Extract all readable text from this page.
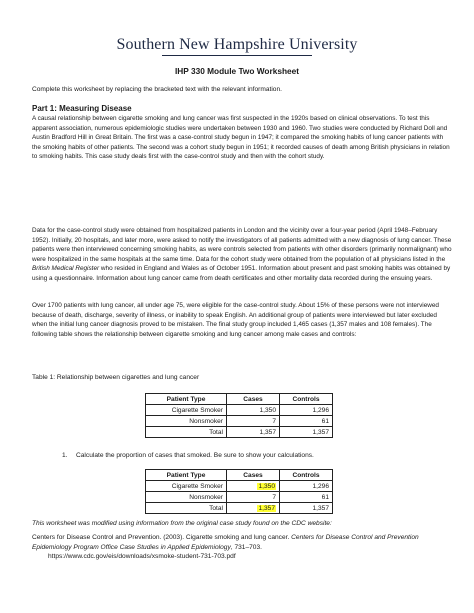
Southern New Hampshire University
IHP 330 Module Two Worksheet
Complete this worksheet by replacing the bracketed text with the relevant information.
Part 1: Measuring Disease
A causal relationship between cigarette smoking and lung cancer was first suspected in the 1920s based on clinical observations. To test this apparent association, numerous epidemiologic studies were undertaken between 1930 and 1960. Two studies were conducted by Richard Doll and Austin Bradford Hill in Great Britain. The first was a case-control study begun in 1947; it compared the smoking habits of lung cancer patients with the smoking habits of other patients. The second was a cohort study begun in 1951; it recorded causes of death among British physicians in relation to smoking habits. This case study deals first with the case-control study and then with the cohort study.
Data for the case-control study were obtained from hospitalized patients in London and the vicinity over a four-year period (April 1948–February 1952). Initially, 20 hospitals, and later more, were asked to notify the investigators of all patients admitted with a new diagnosis of lung cancer. These patients were then interviewed concerning smoking habits, as were controls selected from patients with other disorders (primarily nonmalignant) who were hospitalized in the same hospitals at the same time. Data for the cohort study were obtained from the population of all physicians listed in the British Medical Register who resided in England and Wales as of October 1951. Information about present and past smoking habits was obtained by using a questionnaire. Information about lung cancer came from death certificates and other mortality data recorded during the ensuing years.
Over 1700 patients with lung cancer, all under age 75, were eligible for the case-control study. About 15% of these persons were not interviewed because of death, discharge, severity of illness, or inability to speak English. An additional group of patients were interviewed but later excluded when the initial lung cancer diagnosis proved to be mistaken. The final study group included 1,465 cases (1,357 males and 108 females). The following table shows the relationship between cigarette smoking and lung cancer among male cases and controls:
Table 1: Relationship between cigarettes and lung cancer
Patient Type	Cases	Controls
Cigarette Smoker	1,350	1,296
Nonsmoker	7	61
Total	1,357	1,357
1. Calculate the proportion of cases that smoked. Be sure to show your calculations.
Patient Type	Cases	Controls
Cigarette Smoker	1,350	1,296
Nonsmoker	7	61
Total	1,357	1,357
This worksheet was modified using information from the original case study found on the CDC website:
Centers for Disease Control and Prevention. (2003). Cigarette smoking and lung cancer. Centers for Disease Control and Prevention Epidemiology Program Office Case Studies in Applied Epidemiology, 731–703.
https://www.cdc.gov/eis/downloads/xsmoke-student-731-703.pdf
